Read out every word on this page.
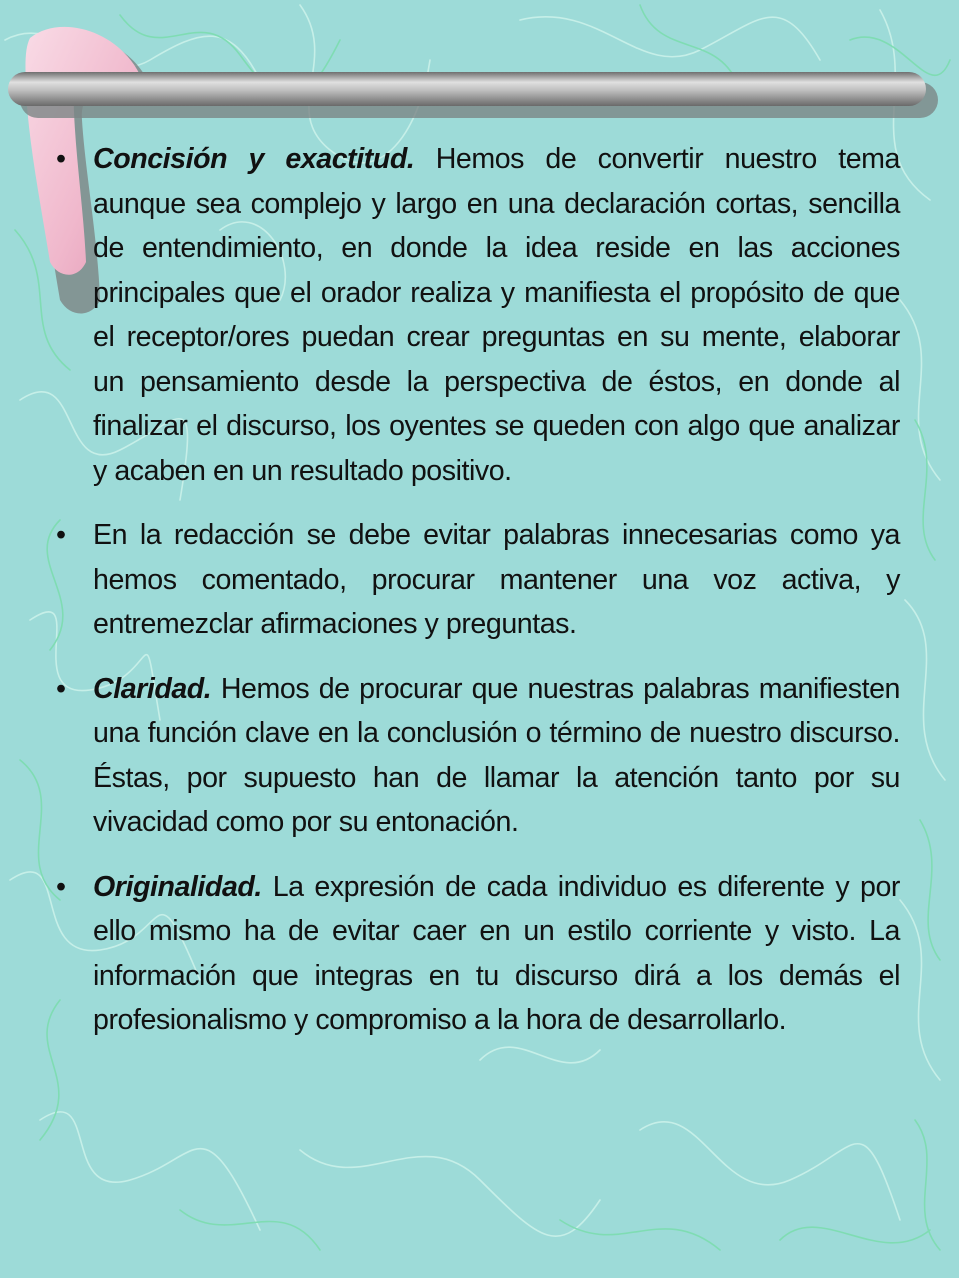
• Concisión y exactitud. Hemos de convertir nuestro tema aunque sea complejo y largo en una declaración cortas, sencilla de entendimiento, en donde la idea reside en las acciones principales que el orador realiza y manifiesta el propósito de que el receptor/ores puedan crear preguntas en su mente, elaborar un pensamiento desde la perspectiva de éstos, en donde al finalizar el discurso, los oyentes se queden con algo que analizar y acaben en un resultado positivo.
• En la redacción se debe evitar palabras innecesarias como ya hemos comentado, procurar mantener una voz activa, y entremezclar afirmaciones y preguntas.
• Claridad. Hemos de procurar que nuestras palabras manifiesten una función clave en la conclusión o término de nuestro discurso. Éstas, por supuesto han de llamar la atención tanto por su vivacidad como por su entonación.
• Originalidad. La expresión de cada individuo es diferente y por ello mismo ha de evitar caer en un estilo corriente y visto. La información que integras en tu discurso dirá a los demás el profesionalismo y compromiso a la hora de desarrollarlo.
